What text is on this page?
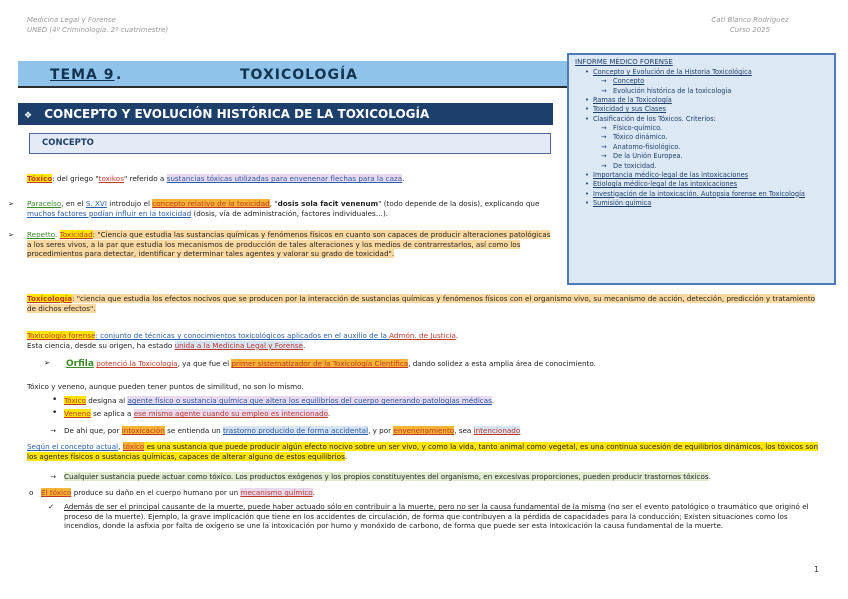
Medicina Legal y Forense
UNED (4º Criminología. 2º cuatrimestre)
Cati Blanco Rodríguez
Curso 2025
TEMA 9 .	TOXICOLOGÍA
❖ CONCEPTO Y EVOLUCIÓN HISTÓRICA DE LA TOXICOLOGÍA
CONCEPTO
INFORME MÉDICO FORENSE
• Concepto y Evolución de la Historia Toxicológica
→ Concepto
→ Evolución histórica de la toxicología
• Ramas de la Toxicología
• Toxicidad y sus Clases
• Clasificación de los Tóxicos. Criterios:
→ Físico-químico.
→ Tóxico dinámico.
→ Anatomo-fisiológico.
→ De la Unión Europea.
→ De toxicidad.
• Importancia médico-legal de las intoxicaciones
• Etiología médico-legal de las intoxicaciones
• Investigación de la intoxicación. Autopsia forense en Toxicología
• Sumisión química
Tóxico: del griego "toxikos" referido a sustancias tóxicas utilizadas para envenenar flechas para la caza.
➢ Paracelso, en el S. XVI introdujo el concepto relativo de la toxicidad, "dosis sola facit venenum" (todo depende de la dosis), explicando que muchos factores podían influir en la toxicidad (dosis, vía de administración, factores individuales…).
➢ Repetto. Toxicidad: "Ciencia que estudia las sustancias químicas y fenómenos físicos en cuanto son capaces de producir alteraciones patológicas a los seres vivos, a la par que estudia los mecanismos de producción de tales alteraciones y los medios de contrarrestarlos, así como los procedimientos para detectar, identificar y determinar tales agentes y valorar su grado de toxicidad".
Toxicología: "ciencia que estudia los efectos nocivos que se producen por la interacción de sustancias químicas y fenómenos físicos con el organismo vivo, su mecanismo de acción, detección, predicción y tratamiento de dichos efectos".
Toxicología forense: conjunto de técnicas y conocimientos toxicológicos aplicados en el auxilio de la Admón. de Justicia.
Esta ciencia, desde su origen, ha estado unida a la Medicina Legal y Forense.
➢ Orfila potenció la Toxicología, ya que fue el primer sistematizador de la Toxicología Científica, dando solidez a esta amplia área de conocimiento.
Tóxico y veneno, aunque pueden tener puntos de similitud, no son lo mismo.
• Tóxico designa al agente físico o sustancia química que altera los equilibrios del cuerpo generando patologías médicas.
• Veneno se aplica a ese mismo agente cuando su empleo es intencionado.
→ De ahí que, por intoxicación se entienda un trastorno producido de forma accidental, y por envenenamiento, sea intencionado
Según el concepto actual, tóxico es una sustancia que puede producir algún efecto nocivo sobre un ser vivo, y como la vida, tanto animal como vegetal, es una continua sucesión de equilibrios dinámicos, los tóxicos son los agentes físicos o sustancias químicas, capaces de alterar alguno de estos equilibrios.
→ Cualquier sustancia puede actuar como tóxico. Los productos exógenos y los propios constituyentes del organismo, en excesivas proporciones, pueden producir trastornos tóxicos.
o El tóxico produce su daño en el cuerpo humano por un mecanismo químico.
✓ Además de ser el principal causante de la muerte, puede haber actuado sólo en contribuir a la muerte, pero no ser la causa fundamental de la misma (no ser el evento patológico o traumático que originó el proceso de la muerte). Ejemplo, la grave implicación que tiene en los accidentes de circulación, de forma que contribuyen a la pérdida de capacidades para la conducción; Existen situaciones como los incendios, donde la asfixia por falta de oxígeno se une la intoxicación por humo y monóxido de carbono, de forma que puede ser esta intoxicación la causa fundamental de la muerte.
1
